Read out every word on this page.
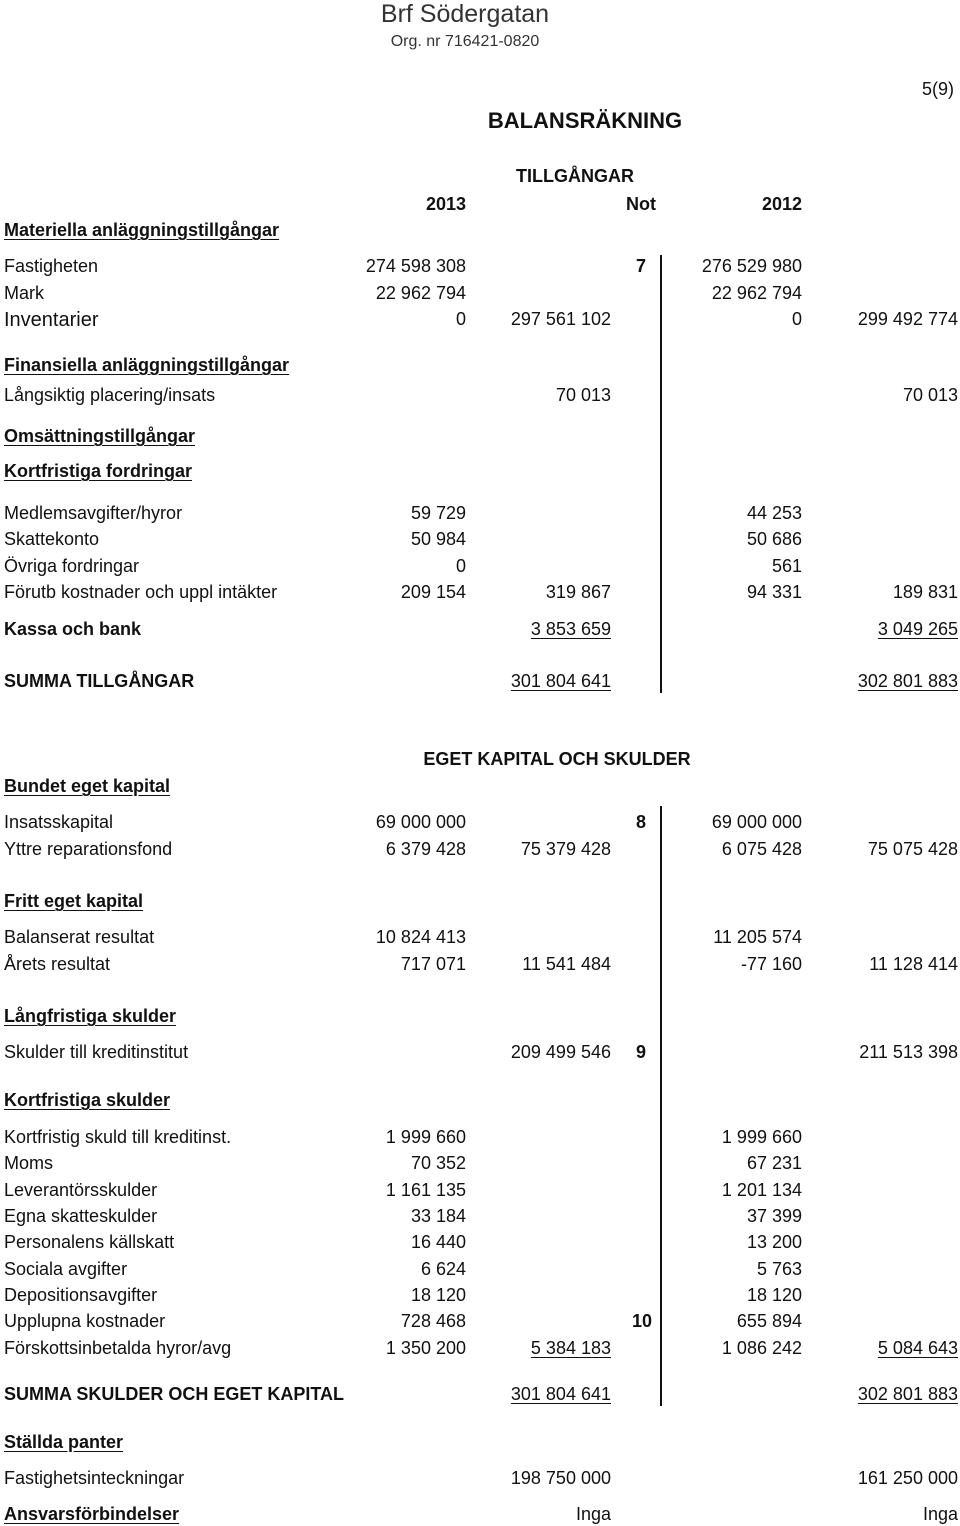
Brf Södergatan
Org. nr 716421-0820
5(9)
BALANSRÄKNING
TILLGÅNGAR
2013	Not	2012
Materiella anläggningstillgångar
Fastigheten	274 598 308	7	276 529 980
Mark	22 962 794	22 962 794
Inventarier	0	297 561 102	0	299 492 774
Finansiella anläggningstillgångar
Långsiktig placering/insats	70 013	70 013
Omsättningstillgångar
Kortfristiga fordringar
Medlemsavgifter/hyror	59 729	44 253
Skattekonto	50 984	50 686
Övriga fordringar	0	561
Förutb kostnader och uppl intäkter	209 154	319 867	94 331	189 831
Kassa och bank	3 853 659	3 049 265
SUMMA TILLGÅNGAR	301 804 641	302 801 883
EGET KAPITAL OCH SKULDER
Bundet eget kapital
Insatsskapital	69 000 000	8	69 000 000
Yttre reparationsfond	6 379 428	75 379 428	6 075 428	75 075 428
Fritt eget kapital
Balanserat resultat	10 824 413	11 205 574
Årets resultat	717 071	11 541 484	-77 160	11 128 414
Långfristiga skulder
Skulder till kreditinstitut	209 499 546	9	211 513 398
Kortfristiga skulder
Kortfristig skuld till kreditinst.	1 999 660	1 999 660
Moms	70 352	67 231
Leverantörsskulder	1 161 135	1 201 134
Egna skatteskulder	33 184	37 399
Personalens källskatt	16 440	13 200
Sociala avgifter	6 624	5 763
Depositionsavgifter	18 120	18 120
Upplupna kostnader	728 468	10	655 894
Förskottsinbetalda hyror/avg	1 350 200	5 384 183	1 086 242	5 084 643
SUMMA SKULDER OCH EGET KAPITAL	301 804 641	302 801 883
Ställda panter
Fastighetsinteckningar	198 750 000	161 250 000
Ansvarsförbindelser	Inga	Inga
